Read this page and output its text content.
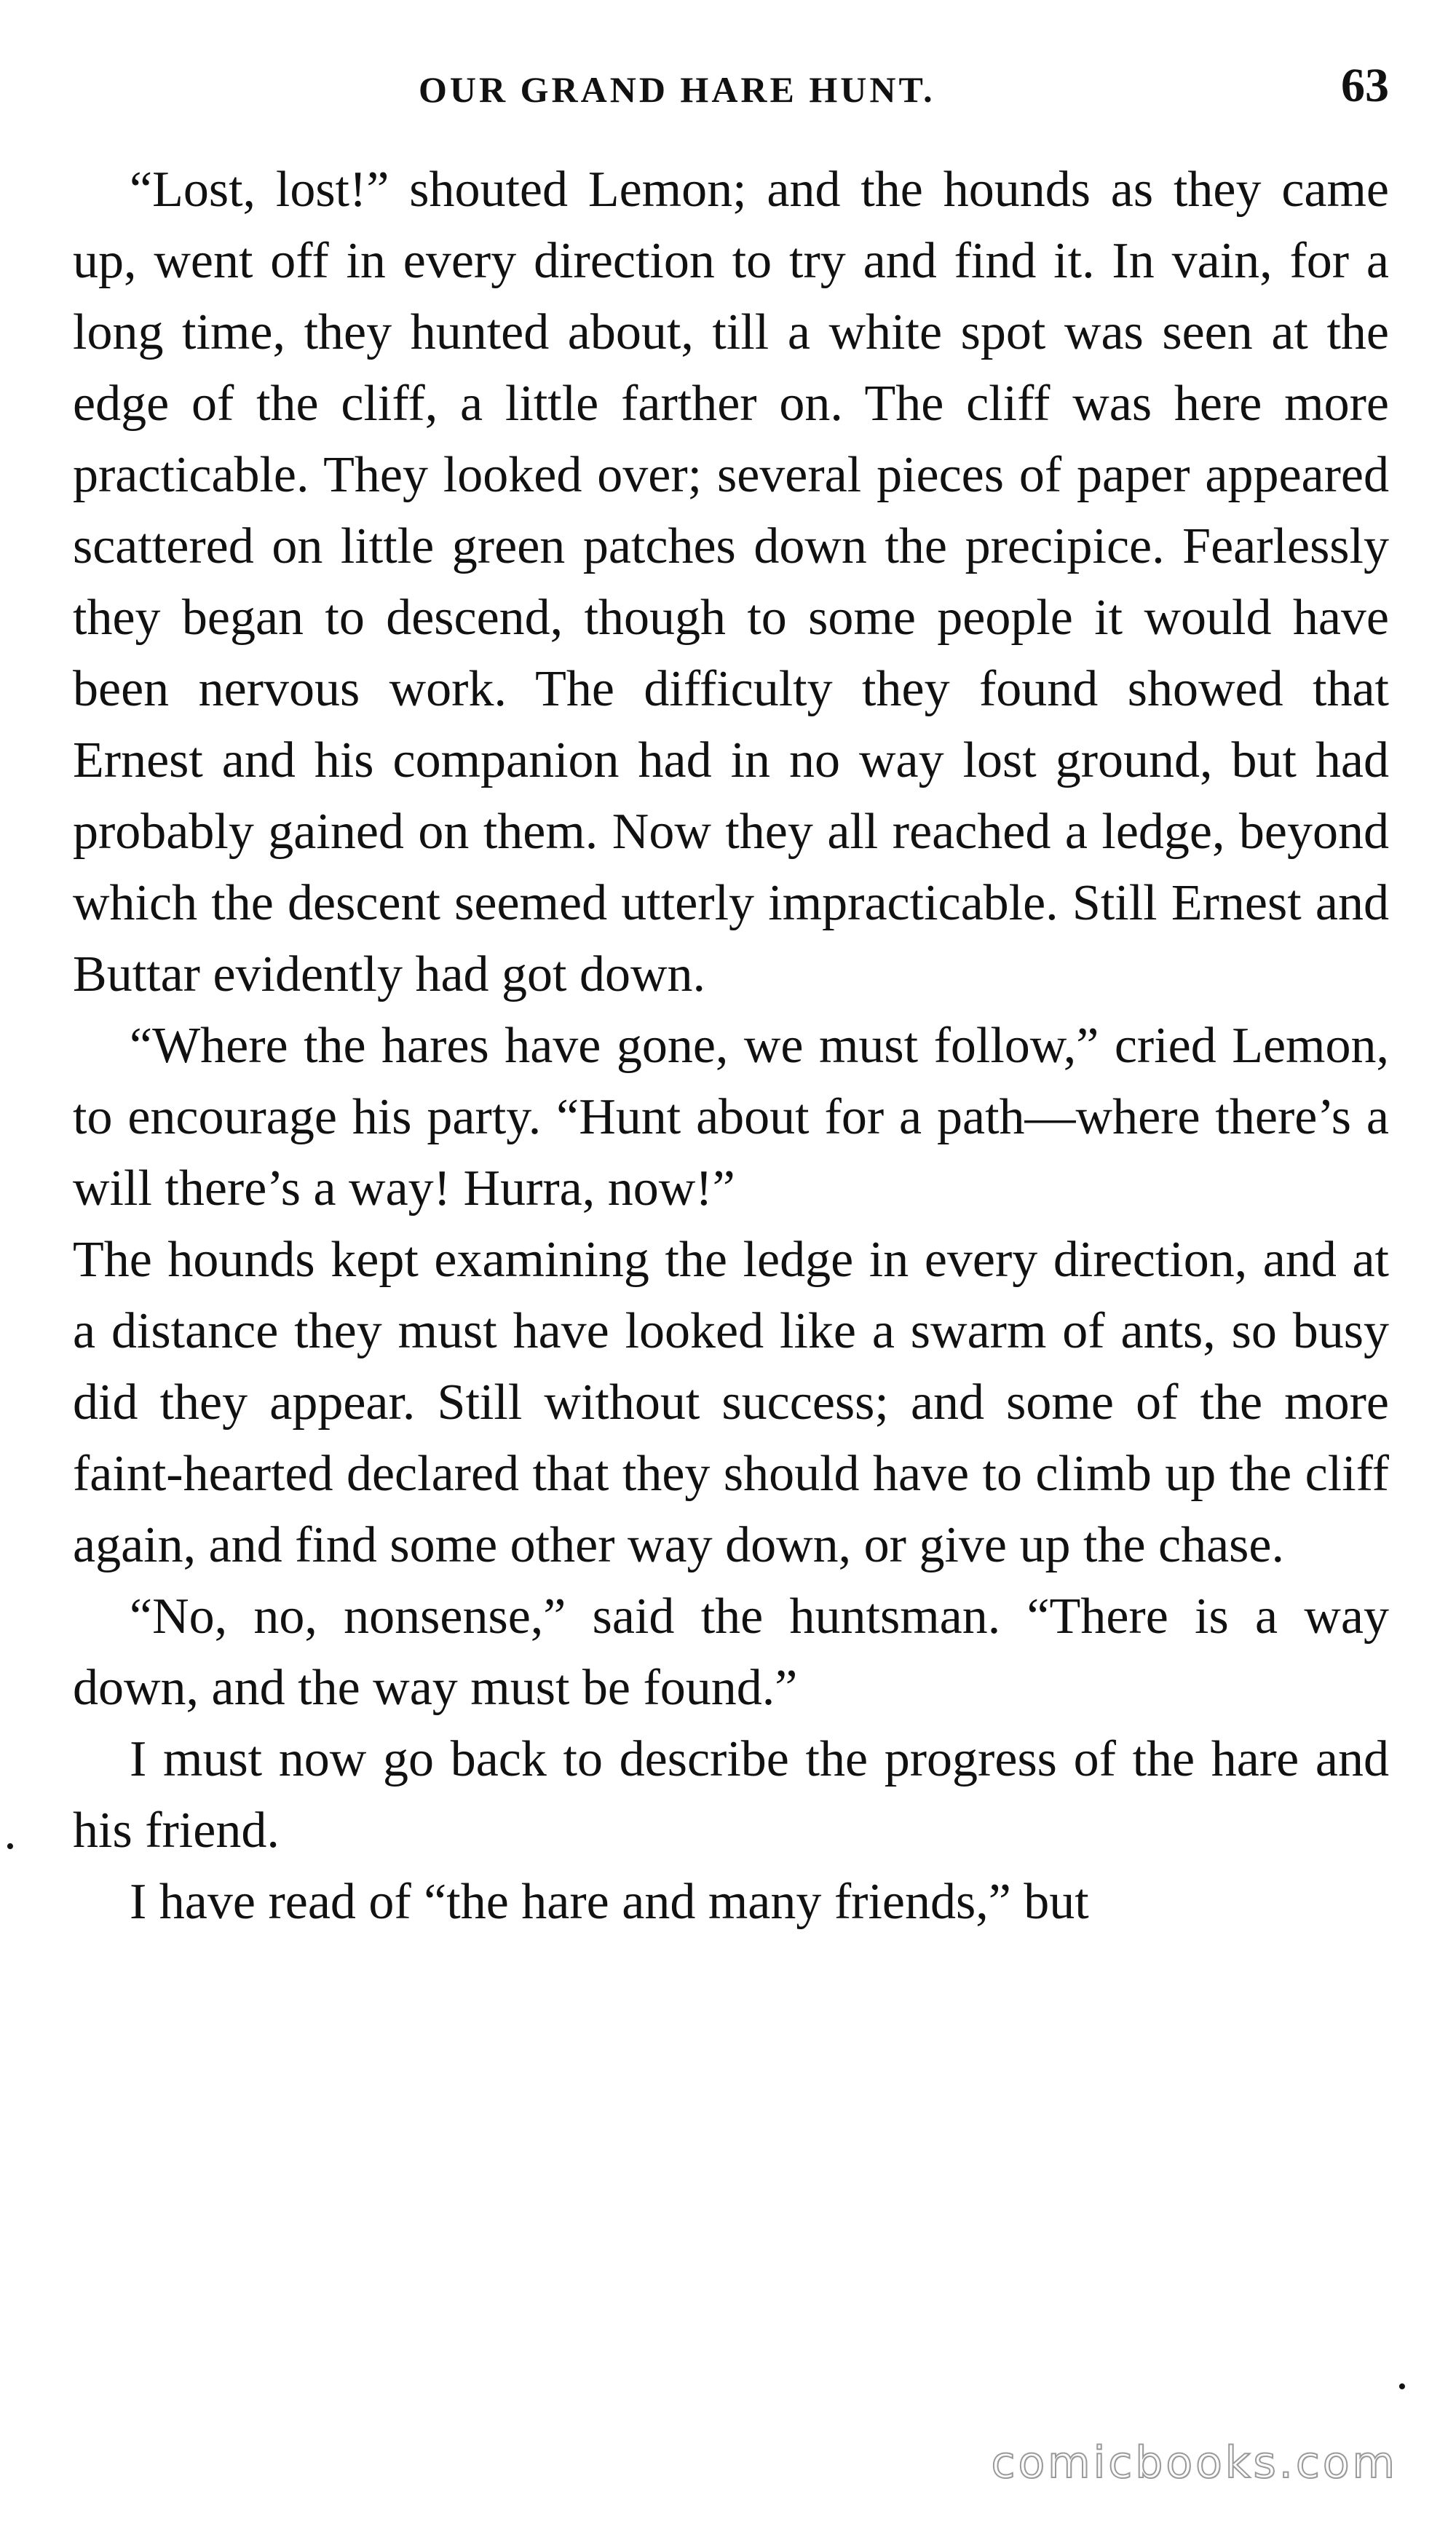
OUR GRAND HARE HUNT.	63

“Lost, lost!” shouted Lemon; and the hounds as they came up, went off in every direction to try and find it. In vain, for a long time, they hunted about, till a white spot was seen at the edge of the cliff, a little farther on. The cliff was here more practicable. They looked over; several pieces of paper appeared scattered on little green patches down the precipice. Fearlessly they began to descend, though to some people it would have been nervous work. The difficulty they found showed that Ernest and his companion had in no way lost ground, but had probably gained on them. Now they all reached a ledge, beyond which the descent seemed utterly impracticable. Still Ernest and Buttar evidently had got down.

“Where the hares have gone, we must follow,” cried Lemon, to encourage his party. “Hunt about for a path—where there’s a will there’s a way! Hurra, now!”

The hounds kept examining the ledge in every direction, and at a distance they must have looked like a swarm of ants, so busy did they appear. Still without success; and some of the more faint-hearted declared that they should have to climb up the cliff again, and find some other way down, or give up the chase.

“No, no, nonsense,” said the huntsman. “There is a way down, and the way must be found.”

I must now go back to describe the progress of the hare and his friend.

I have read of “the hare and many friends,” but

•
•
comicbooks.com
